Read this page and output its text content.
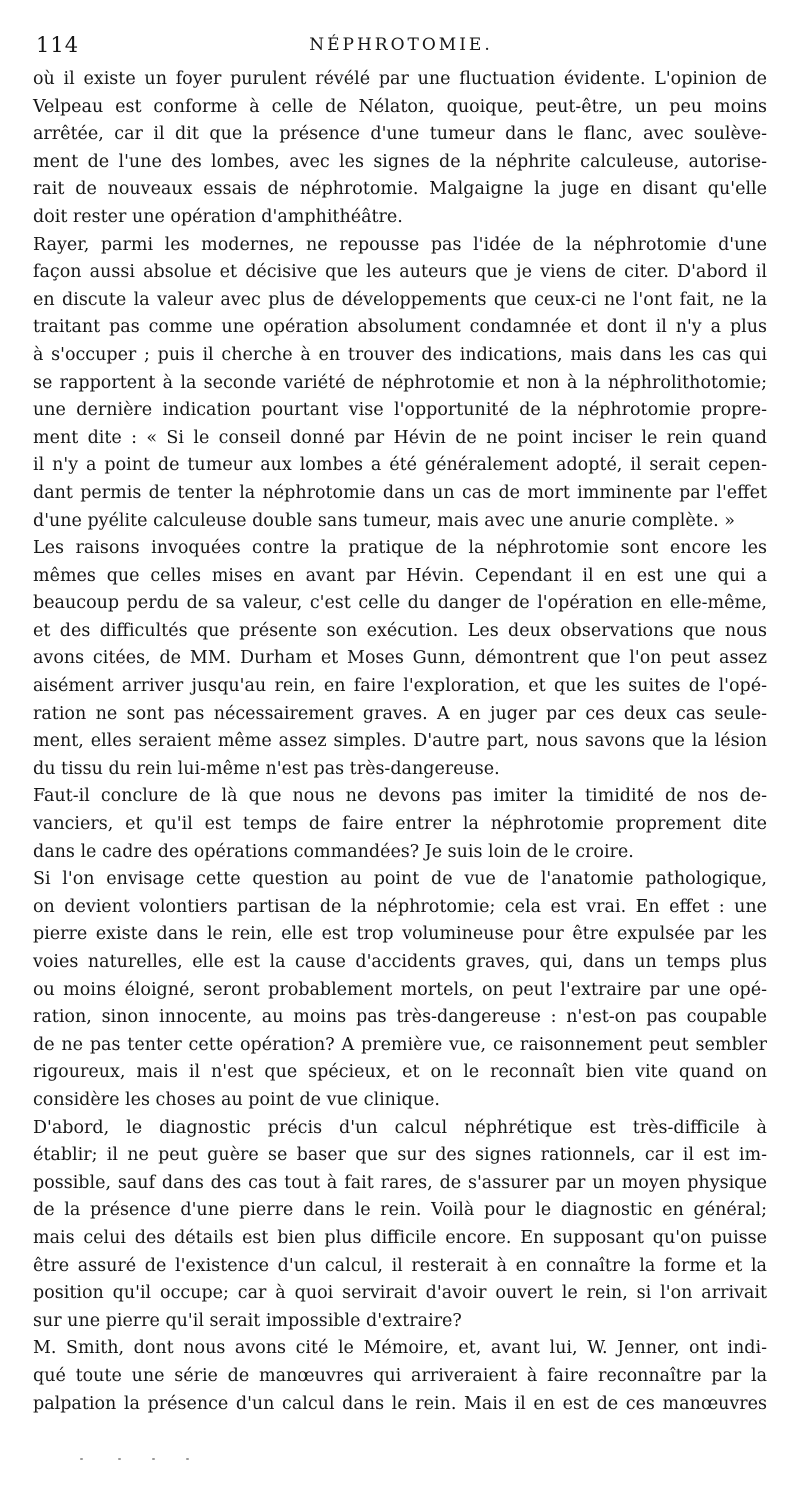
114	NÉPHROTOMIE.
où il existe un foyer purulent révélé par une fluctuation évidente. L'opinion de
Velpeau est conforme à celle de Nélaton, quoique, peut-être, un peu moins
arrêtée, car il dit que la présence d'une tumeur dans le flanc, avec soulève-
ment de l'une des lombes, avec les signes de la néphrite calculeuse, autorise-
rait de nouveaux essais de néphrotomie. Malgaigne la juge en disant qu'elle
doit rester une opération d'amphithéâtre.
Rayer, parmi les modernes, ne repousse pas l'idée de la néphrotomie d'une
façon aussi absolue et décisive que les auteurs que je viens de citer. D'abord il
en discute la valeur avec plus de développements que ceux-ci ne l'ont fait, ne la
traitant pas comme une opération absolument condamnée et dont il n'y a plus
à s'occuper ; puis il cherche à en trouver des indications, mais dans les cas qui
se rapportent à la seconde variété de néphrotomie et non à la néphrolithotomie;
une dernière indication pourtant vise l'opportunité de la néphrotomie propre-
ment dite : « Si le conseil donné par Hévin de ne point inciser le rein quand
il n'y a point de tumeur aux lombes a été généralement adopté, il serait cepen-
dant permis de tenter la néphrotomie dans un cas de mort imminente par l'effet
d'une pyélite calculeuse double sans tumeur, mais avec une anurie complète. »
Les raisons invoquées contre la pratique de la néphrotomie sont encore les
mêmes que celles mises en avant par Hévin. Cependant il en est une qui a
beaucoup perdu de sa valeur, c'est celle du danger de l'opération en elle-même,
et des difficultés que présente son exécution. Les deux observations que nous
avons citées, de MM. Durham et Moses Gunn, démontrent que l'on peut assez
aisément arriver jusqu'au rein, en faire l'exploration, et que les suites de l'opé-
ration ne sont pas nécessairement graves. A en juger par ces deux cas seule-
ment, elles seraient même assez simples. D'autre part, nous savons que la lésion
du tissu du rein lui-même n'est pas très-dangereuse.
Faut-il conclure de là que nous ne devons pas imiter la timidité de nos de-
vanciers, et qu'il est temps de faire entrer la néphrotomie proprement dite
dans le cadre des opérations commandées? Je suis loin de le croire.
Si l'on envisage cette question au point de vue de l'anatomie pathologique,
on devient volontiers partisan de la néphrotomie; cela est vrai. En effet : une
pierre existe dans le rein, elle est trop volumineuse pour être expulsée par les
voies naturelles, elle est la cause d'accidents graves, qui, dans un temps plus
ou moins éloigné, seront probablement mortels, on peut l'extraire par une opé-
ration, sinon innocente, au moins pas très-dangereuse : n'est-on pas coupable
de ne pas tenter cette opération? A première vue, ce raisonnement peut sembler
rigoureux, mais il n'est que spécieux, et on le reconnaît bien vite quand on
considère les choses au point de vue clinique.
D'abord, le diagnostic précis d'un calcul néphrétique est très-difficile à
établir; il ne peut guère se baser que sur des signes rationnels, car il est im-
possible, sauf dans des cas tout à fait rares, de s'assurer par un moyen physique
de la présence d'une pierre dans le rein. Voilà pour le diagnostic en général;
mais celui des détails est bien plus difficile encore. En supposant qu'on puisse
être assuré de l'existence d'un calcul, il resterait à en connaître la forme et la
position qu'il occupe; car à quoi servirait d'avoir ouvert le rein, si l'on arrivait
sur une pierre qu'il serait impossible d'extraire?
M. Smith, dont nous avons cité le Mémoire, et, avant lui, W. Jenner, ont indi-
qué toute une série de manœuvres qui arriveraient à faire reconnaître par la
palpation la présence d'un calcul dans le rein. Mais il en est de ces manœuvres
